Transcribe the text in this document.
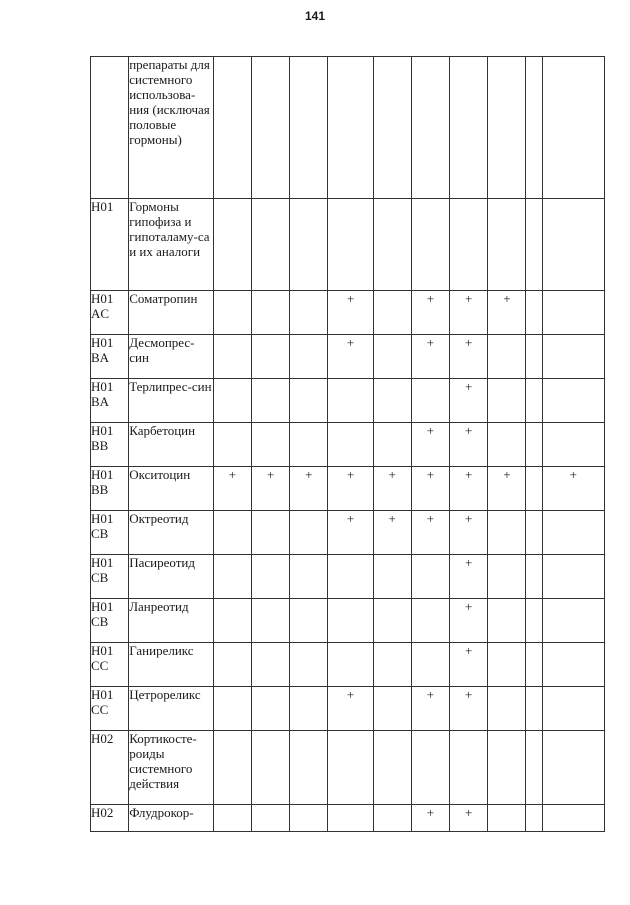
141
	препараты для системного использова-ния (исключая половые гормоны)										
H01	Гормоны гипофиза и гипоталаму-са и их аналоги										
H01 AC	Соматропин				+		+	+	+		
H01 BA	Десмопрес-син				+		+	+			
H01 BA	Терлипрес-син							+			
H01 BB	Карбетоцин						+	+			
H01 BB	Окситоцин	+	+	+	+	+	+	+	+		+
H01 CB	Октреотид				+	+	+	+			
H01 CB	Пасиреотид							+			
H01 CB	Ланреотид							+			
H01 CC	Ганиреликс							+			
H01 CC	Цетрореликс				+		+	+			
H02	Кортикосте-роиды системного действия										
H02	Флудрокор-						+	+			
